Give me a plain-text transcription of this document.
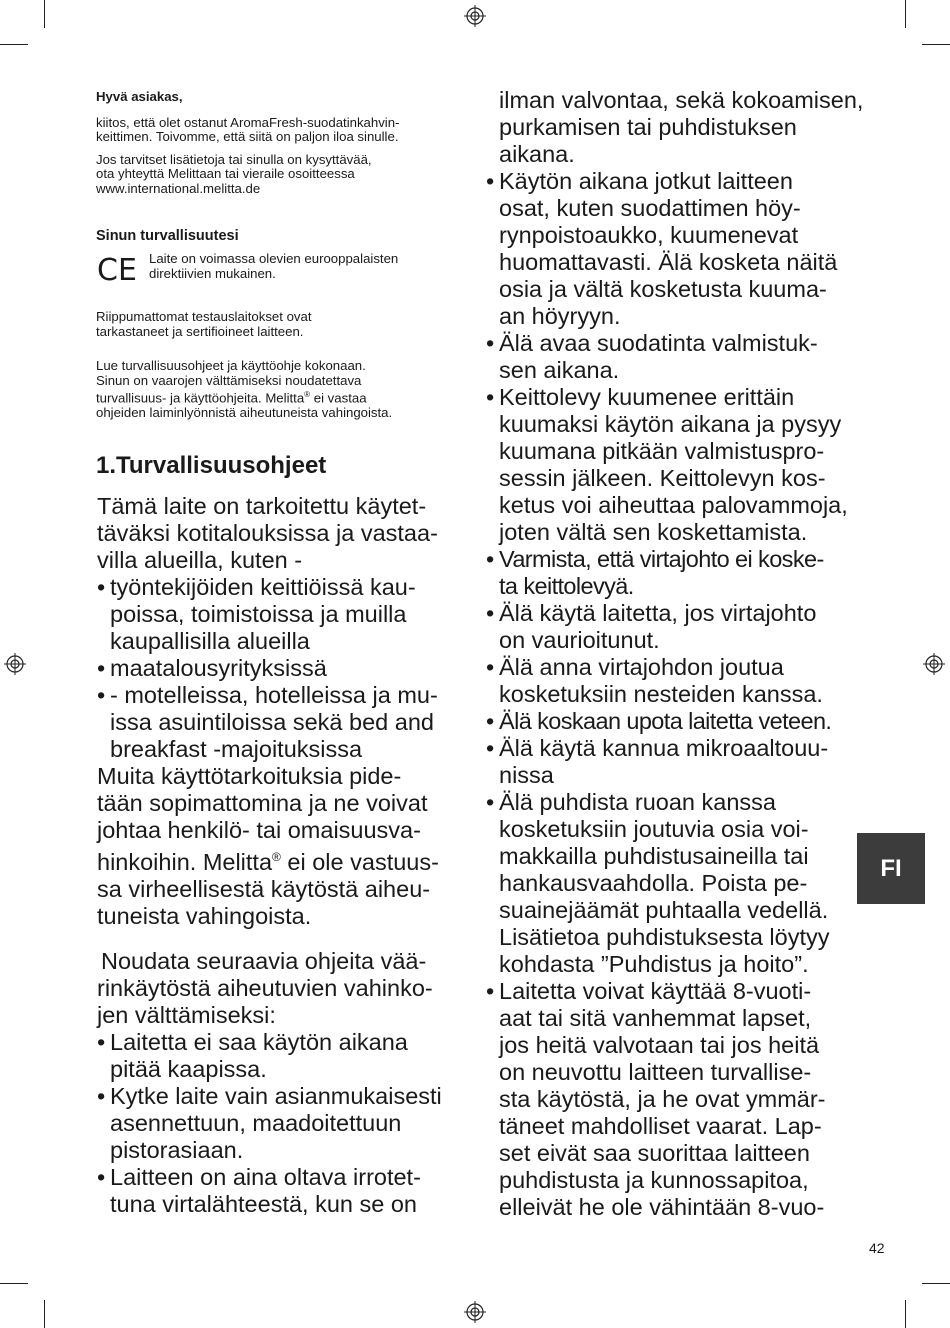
Hyvä asiakas,

kiitos, että olet ostanut AromaFresh-suodatinkahvin-
keittimen. Toivomme, että siitä on paljon iloa sinulle.

Jos tarvitset lisätietoja tai sinulla on kysyttävää,
ota yhteyttä Melittaan tai vieraile osoitteessa
www.international.melitta.de

Sinun turvallisuutesi

CE Laite on voimassa olevien eurooppalaisten
direktiivien mukainen.

Riippumattomat testauslaitokset ovat
tarkastaneet ja sertifioineet laitteen.

Lue turvallisuusohjeet ja käyttöohje kokonaan.
Sinun on vaarojen välttämiseksi noudatettava
turvallisuus- ja käyttöohjeita. Melitta® ei vastaa
ohjeiden laiminlyönnistä aiheutuneista vahingoista.

1.Turvallisuusohjeet
Tämä laite on tarkoitettu käytet-
täväksi kotitalouksissa ja vastaa-
villa alueilla, kuten -
• työntekijöiden keittiöissä kau-
poissa, toimistoissa ja muilla
kaupallisilla alueilla
• maatalousyrityksissä
• - motelleissa, hotelleissa ja mu-
issa asuintiloissa sekä bed and
breakfast -majoituksissa
Muita käyttötarkoituksia pide-
tään sopimattomina ja ne voivat
johtaa henkilö- tai omaisuusva-
hinkoihin. Melitta® ei ole vastuus-
sa virheellisestä käytöstä aiheu-
tuneista vahingoista.
Noudata seuraavia ohjeita vää-
rinkäytöstä aiheutuvien vahinko-
jen välttämiseksi:
• Laitetta ei saa käytön aikana
pitää kaapissa.
• Kytke laite vain asianmukaisesti
asennettuun, maadoitettuun
pistorasiaan.
• Laitteen on aina oltava irrotet-
tuna virtalähteestä, kun se on
ilman valvontaa, sekä kokoamisen,
purkamisen tai puhdistuksen
aikana.
• Käytön aikana jotkut laitteen
osat, kuten suodattimen höy-
rynpoistoaukko, kuumenevat
huomattavasti. Älä kosketa näitä
osia ja vältä kosketusta kuuma-
an höyryyn.
• Älä avaa suodatinta valmistuk-
sen aikana.
• Keittolevy kuumenee erittäin
kuumaksi käytön aikana ja pysyy
kuumana pitkään valmistuspro-
sessin jälkeen. Keittolevyn kos-
ketus voi aiheuttaa palovammoja,
joten vältä sen koskettamista.
• Varmista, että virtajohto ei koske-
ta keittolevyä.
• Älä käytä laitetta, jos virtajohto
on vaurioitunut.
• Älä anna virtajohdon joutua
kosketuksiin nesteiden kanssa.
• Älä koskaan upota laitetta veteen.
• Älä käytä kannua mikroaaltouu-
nissa
• Älä puhdista ruoan kanssa
kosketuksiin joutuvia osia voi-
makkailla puhdistusaineilla tai
hankausvaahdolla. Poista pe-
suainejäämät puhtaalla vedellä.
Lisätietoa puhdistuksesta löytyy
kohdasta ”Puhdistus ja hoito”.
• Laitetta voivat käyttää 8-vuoti-
aat tai sitä vanhemmat lapset,
jos heitä valvotaan tai jos heitä
on neuvottu laitteen turvallise-
sta käytöstä, ja he ovat ymmär-
täneet mahdolliset vaarat. Lap-
set eivät saa suorittaa laitteen
puhdistusta ja kunnossapitoa,
elleivät he ole vähintään 8-vuo-
FI
42
